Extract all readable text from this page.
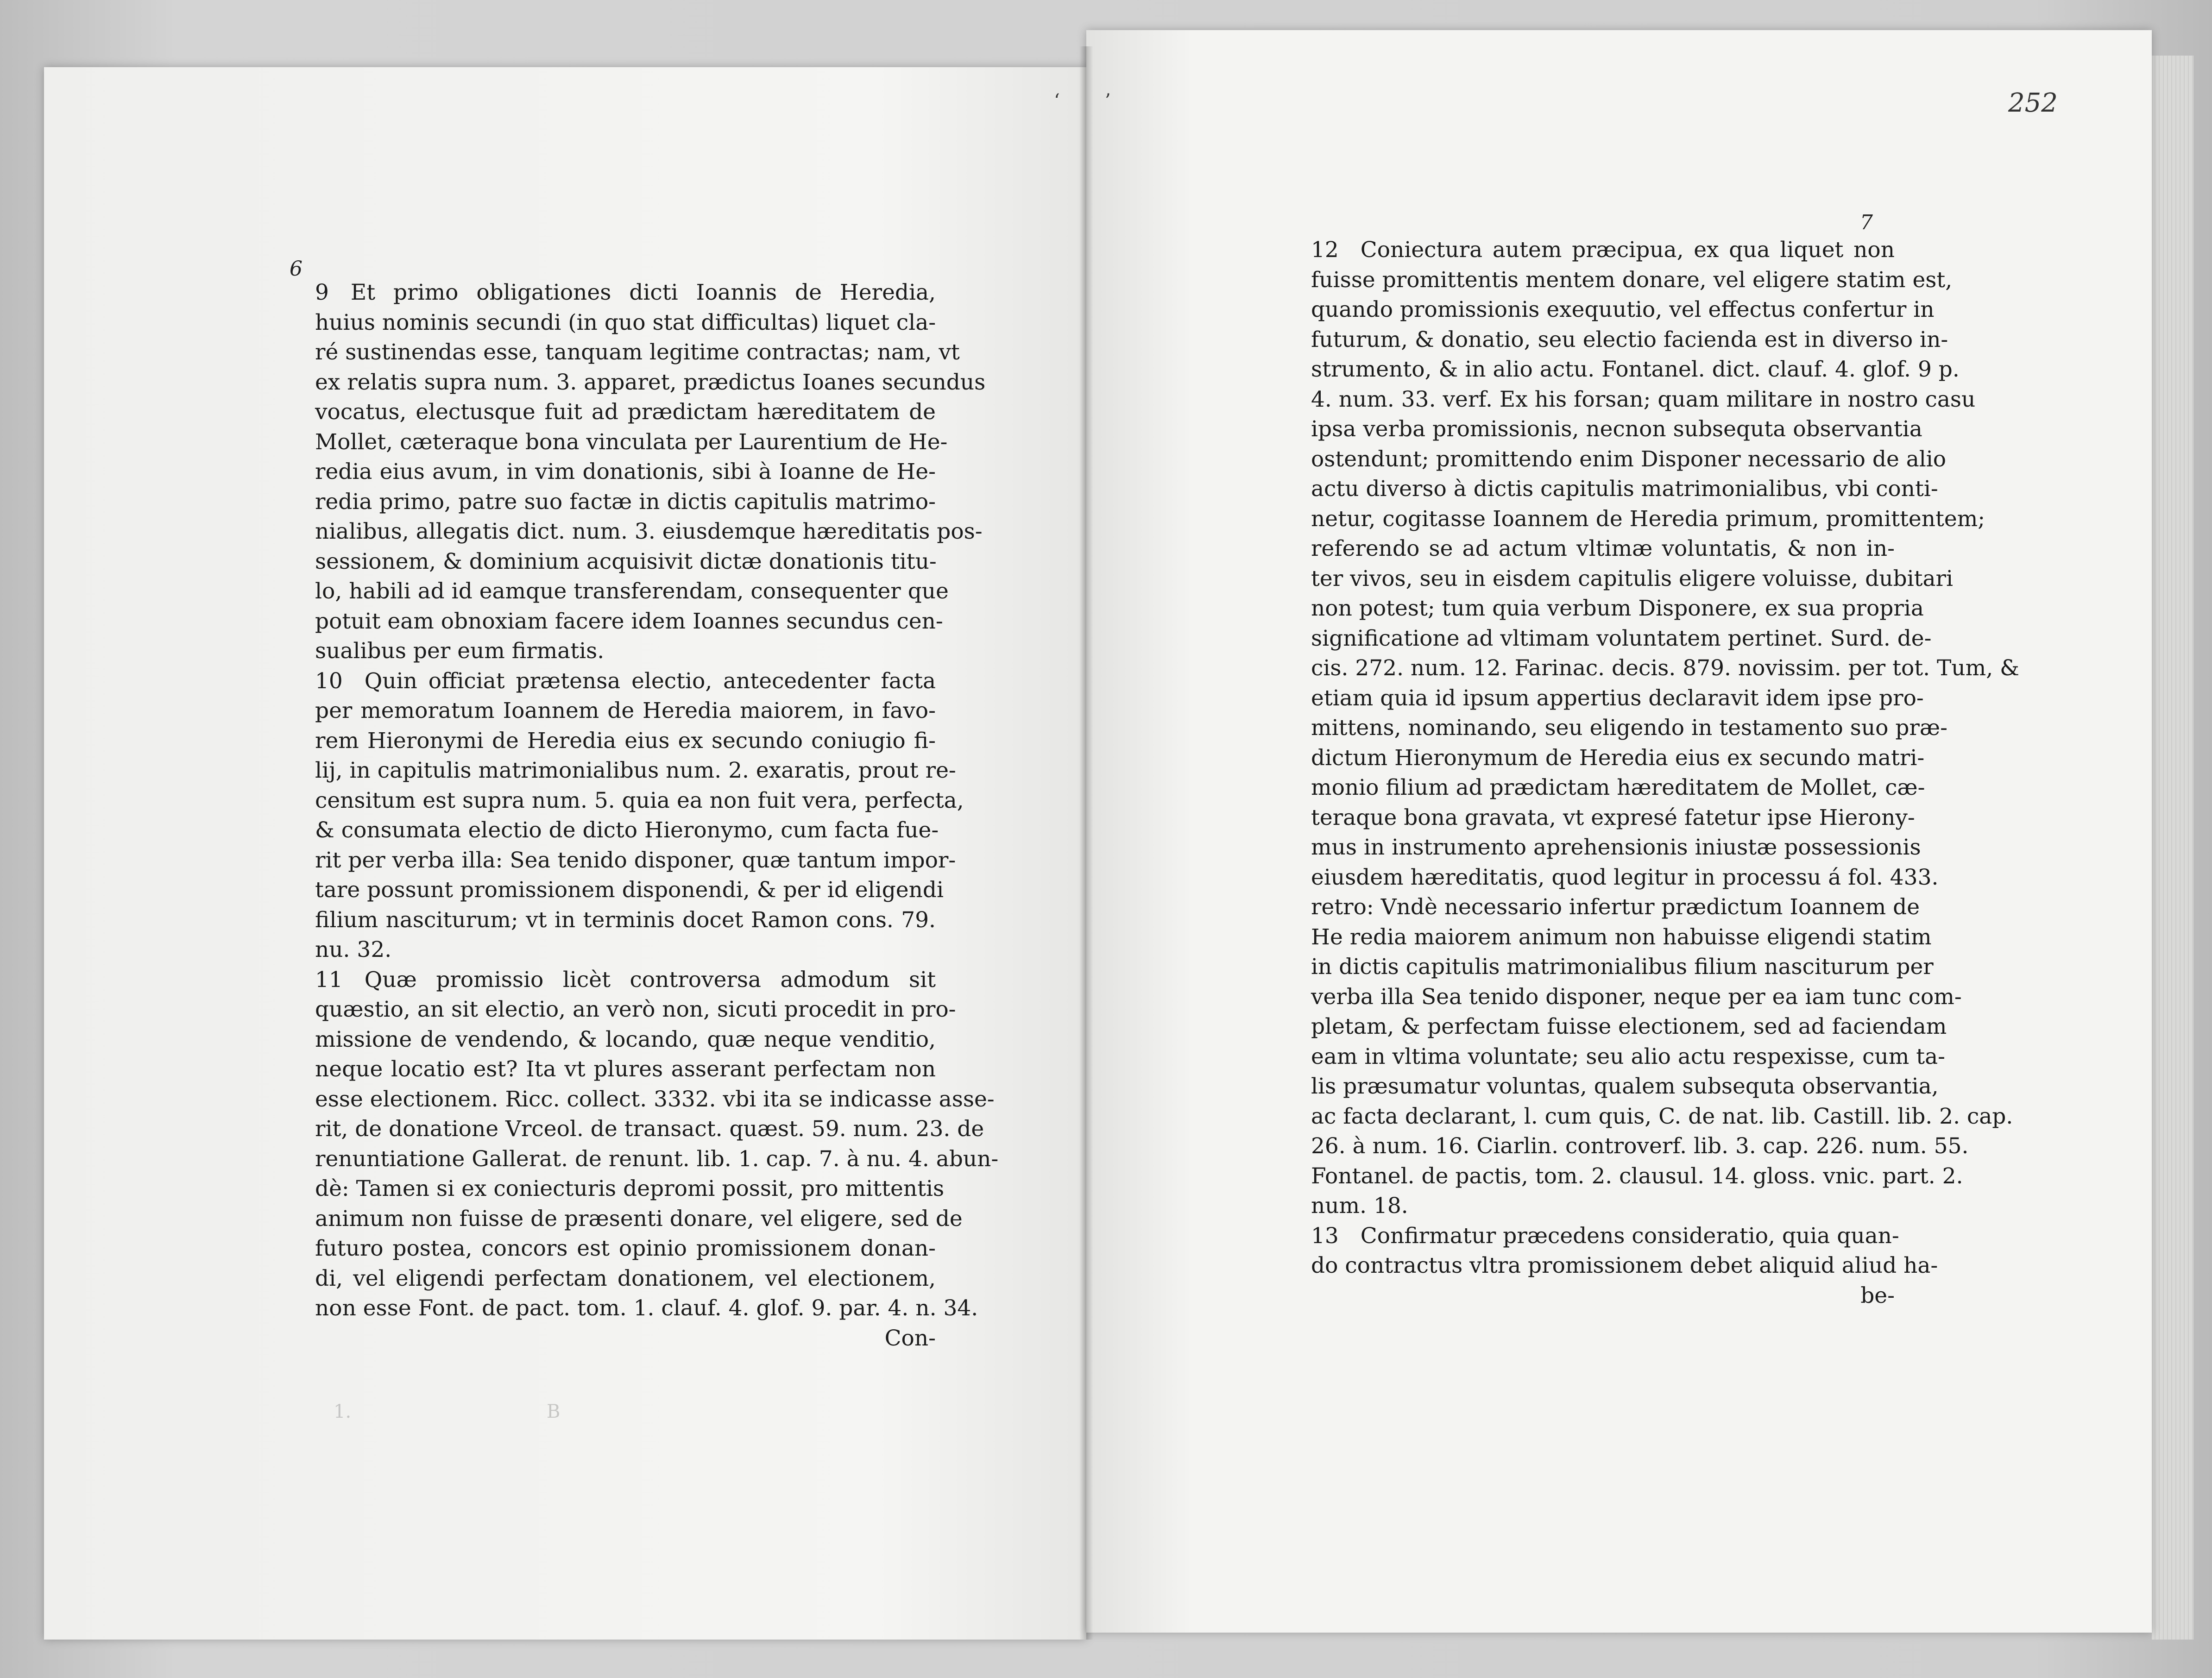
‘ ’	252
6
7
B
1.
9 Et primo obligationes dicti Ioannis de Heredia,
huius nominis secundi (in quo stat difficultas) liquet cla-
ré sustinendas esse, tanquam legitime contractas; nam, vt
ex relatis supra num. 3. apparet, prædictus Ioanes secundus
vocatus, electusque fuit ad prædictam hæreditatem de
Mollet, cæteraque bona vinculata per Laurentium de He-
redia eius avum, in vim donationis, sibi à Ioanne de He-
redia primo, patre suo factæ in dictis capitulis matrimo-
nialibus, allegatis dict. num. 3. eiusdemque hæreditatis pos-
sessionem, & dominium acquisivit dictæ donationis titu-
lo, habili ad id eamque transferendam, consequenter que
potuit eam obnoxiam facere idem Ioannes secundus cen-
sualibus per eum firmatis.
10 Quin officiat prætensa electio, antecedenter facta
per memoratum Ioannem de Heredia maiorem, in favo-
rem Hieronymi de Heredia eius ex secundo coniugio fi-
lij, in capitulis matrimonialibus num. 2. exaratis, prout re-
censitum est supra num. 5. quia ea non fuit vera, perfecta,
& consumata electio de dicto Hieronymo, cum facta fue-
rit per verba illa: Sea tenido disponer, quæ tantum impor-
tare possunt promissionem disponendi, & per id eligendi
filium nasciturum; vt in terminis docet Ramon cons. 79.
nu. 32.
11 Quæ promissio licèt controversa admodum sit
quæstio, an sit electio, an verò non, sicuti procedit in pro-
missione de vendendo, & locando, quæ neque venditio,
neque locatio est? Ita vt plures asserant perfectam non
esse electionem. Ricc. collect. 3332. vbi ita se indicasse asse-
rit, de donatione Vrceol. de transact. quæst. 59. num. 23. de
renuntiatione Gallerat. de renunt. lib. 1. cap. 7. à nu. 4. abun-
dè: Tamen si ex coniecturis depromi possit, pro mittentis
animum non fuisse de præsenti donare, vel eligere, sed de
futuro postea, concors est opinio promissionem donan-
di, vel eligendi perfectam donationem, vel electionem,
non esse Font. de pact. tom. 1. clauf. 4. glof. 9. par. 4. n. 34.
Con-
12 Coniectura autem præcipua, ex qua liquet non
fuisse promittentis mentem donare, vel eligere statim est,
quando promissionis exequutio, vel effectus confertur in
futurum, & donatio, seu electio facienda est in diverso in-
strumento, & in alio actu. Fontanel. dict. clauf. 4. glof. 9 p.
4. num. 33. verf. Ex his forsan; quam militare in nostro casu
ipsa verba promissionis, necnon subsequta observantia
ostendunt; promittendo enim Disponer necessario de alio
actu diverso à dictis capitulis matrimonialibus, vbi conti-
netur, cogitasse Ioannem de Heredia primum, promittentem;
referendo se ad actum vltimæ voluntatis, & non in-
ter vivos, seu in eisdem capitulis eligere voluisse, dubitari
non potest; tum quia verbum Disponere, ex sua propria
significatione ad vltimam voluntatem pertinet. Surd. de-
cis. 272. num. 12. Farinac. decis. 879. novissim. per tot. Tum, &
etiam quia id ipsum appertius declaravit idem ipse pro-
mittens, nominando, seu eligendo in testamento suo præ-
dictum Hieronymum de Heredia eius ex secundo matri-
monio filium ad prædictam hæreditatem de Mollet, cæ-
teraque bona gravata, vt expresé fatetur ipse Hierony-
mus in instrumento aprehensionis iniustæ possessionis
eiusdem hæreditatis, quod legitur in processu á fol. 433.
retro: Vndè necessario infertur prædictum Ioannem de
He redia maiorem animum non habuisse eligendi statim
in dictis capitulis matrimonialibus filium nasciturum per
verba illa Sea tenido disponer, neque per ea iam tunc com-
pletam, & perfectam fuisse electionem, sed ad faciendam
eam in vltima voluntate; seu alio actu respexisse, cum ta-
lis præsumatur voluntas, qualem subsequta observantia,
ac facta declarant, l. cum quis, C. de nat. lib. Castill. lib. 2. cap.
26. à num. 16. Ciarlin. controverf. lib. 3. cap. 226. num. 55.
Fontanel. de pactis, tom. 2. clausul. 14. gloss. vnic. part. 2.
num. 18.
13 Confirmatur præcedens consideratio, quia quan-
do contractus vltra promissionem debet aliquid aliud ha-
be-
